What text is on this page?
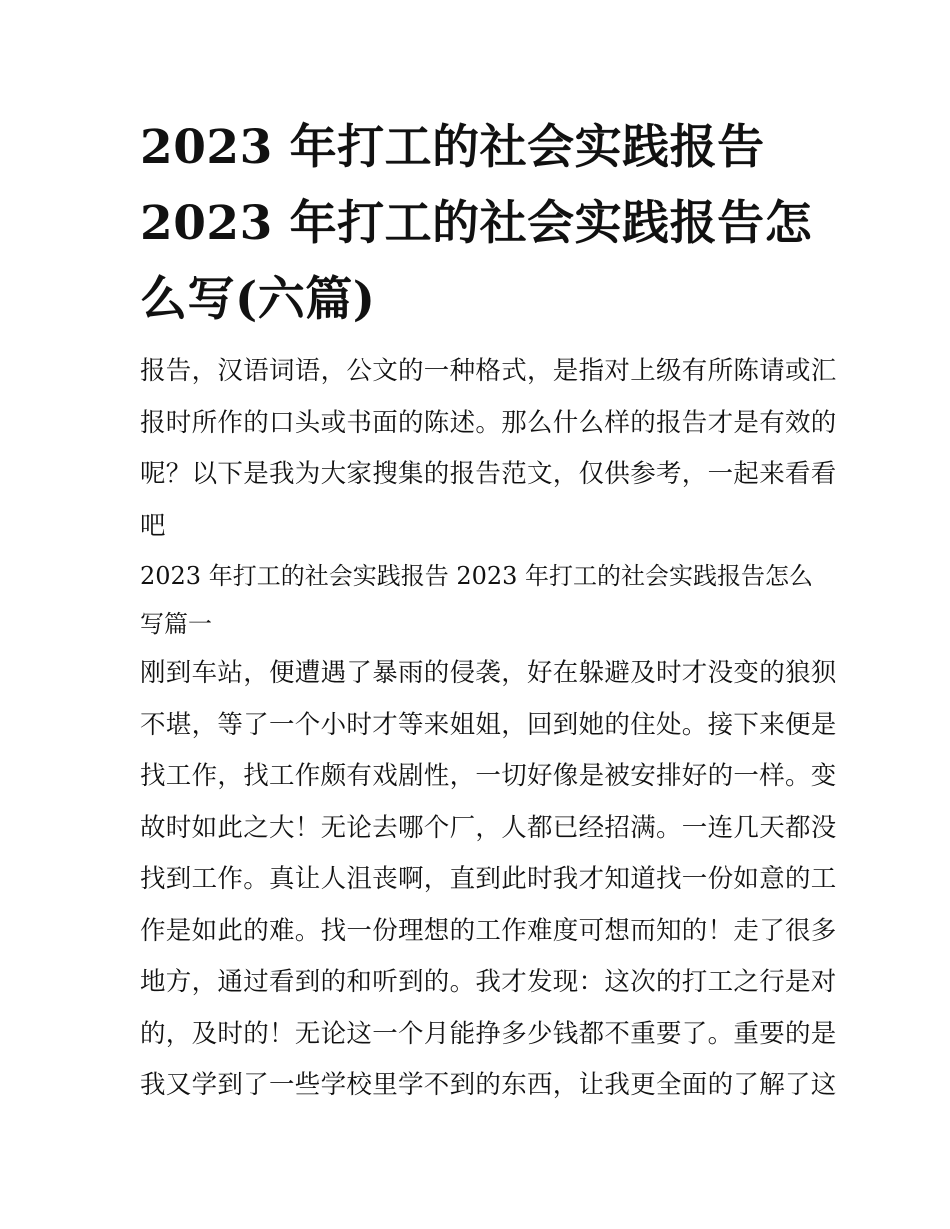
2023 年打工的社会实践报告
2023 年打工的社会实践报告怎
么写(六篇)

报告，汉语词语，公文的一种格式，是指对上级有所陈请或汇
报时所作的口头或书面的陈述。那么什么样的报告才是有效的
呢？以下是我为大家搜集的报告范文，仅供参考，一起来看看
吧

2023 年打工的社会实践报告 2023 年打工的社会实践报告怎么
写篇一

刚到车站，便遭遇了暴雨的侵袭，好在躲避及时才没变的狼狈
不堪，等了一个小时才等来姐姐，回到她的住处。接下来便是
找工作，找工作颇有戏剧性，一切好像是被安排好的一样。变
故时如此之大！无论去哪个厂，人都已经招满。一连几天都没
找到工作。真让人沮丧啊，直到此时我才知道找一份如意的工
作是如此的难。找一份理想的工作难度可想而知的！走了很多
地方，通过看到的和听到的。我才发现：这次的打工之行是对
的，及时的！无论这一个月能挣多少钱都不重要了。重要的是
我又学到了一些学校里学不到的东西，让我更全面的了解了这
